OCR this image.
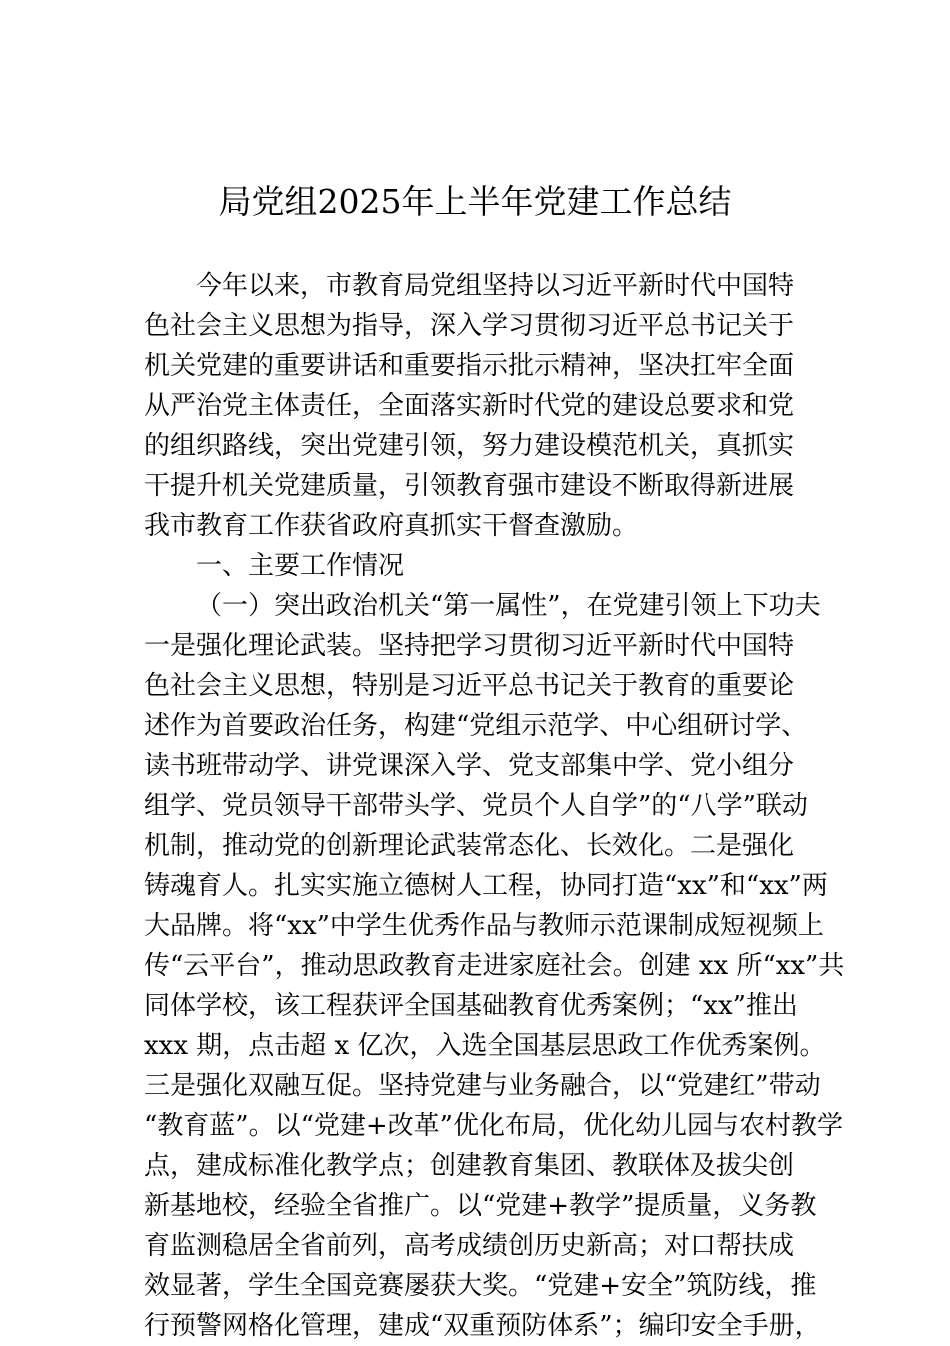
局党组2025年上半年党建工作总结
今年以来，市教育局党组坚持以习近平新时代中国特
色社会主义思想为指导，深入学习贯彻习近平总书记关于
机关党建的重要讲话和重要指示批示精神，坚决扛牢全面
从严治党主体责任，全面落实新时代党的建设总要求和党
的组织路线，突出党建引领，努力建设模范机关，真抓实
干提升机关党建质量，引领教育强市建设不断取得新进展
我市教育工作获省政府真抓实干督查激励。
一、主要工作情况
（一）突出政治机关“第一属性”，在党建引领上下功夫
一是强化理论武装。坚持把学习贯彻习近平新时代中国特
色社会主义思想，特别是习近平总书记关于教育的重要论
述作为首要政治任务，构建“党组示范学、中心组研讨学、
读书班带动学、讲党课深入学、党支部集中学、党小组分
组学、党员领导干部带头学、党员个人自学”的“八学”联动
机制，推动党的创新理论武装常态化、长效化。二是强化
铸魂育人。扎实实施立德树人工程，协同打造“xx”和“xx”两
大品牌。将“xx”中学生优秀作品与教师示范课制成短视频上
传“云平台”，推动思政教育走进家庭社会。创建 xx 所“xx”共
同体学校，该工程获评全国基础教育优秀案例；“xx”推出
xxx 期，点击超 x 亿次，入选全国基层思政工作优秀案例。
三是强化双融互促。坚持党建与业务融合，以“党建红”带动
“教育蓝”。以“党建+改革”优化布局，优化幼儿园与农村教学
点，建成标准化教学点；创建教育集团、教联体及拔尖创
新基地校，经验全省推广。以“党建+教学”提质量，义务教
育监测稳居全省前列，高考成绩创历史新高；对口帮扶成
效显著，学生全国竞赛屡获大奖。“党建+安全”筑防线，推
行预警网格化管理，建成“双重预防体系”；编印安全手册，
